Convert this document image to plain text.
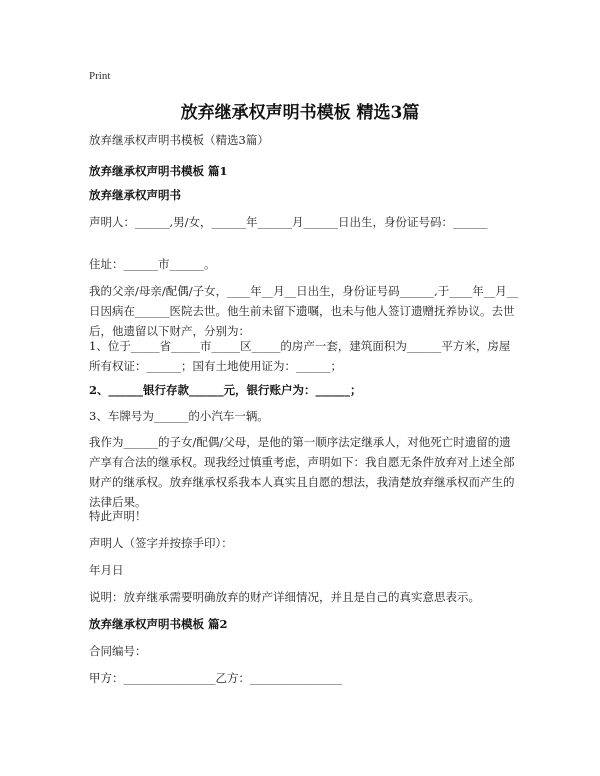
Print
放弃继承权声明书模板 精选3篇
放弃继承权声明书模板（精选3篇）
放弃继承权声明书模板 篇1
放弃继承权声明书
声明人：______,男/女，______年______月______日出生，身份证号码：______
住址：______市______。
我的父亲/母亲/配偶/子女，____年__月__日出生，身份证号码______,于____年__月__日因病在______医院去世。他生前未留下遗嘱，也未与他人签订遗赠抚养协议。去世后，他遗留以下财产，分别为：
1、位于_____省_____市_____区_____的房产一套，建筑面积为______平方米，房屋所有权证：______；国有土地使用证为：______；
2、______银行存款______元，银行账户为：______；
3、车牌号为______的小汽车一辆。
我作为______的子女/配偶/父母，是他的第一顺序法定继承人，对他死亡时遗留的遗产享有合法的继承权。现我经过慎重考虑，声明如下：我自愿无条件放弃对上述全部财产的继承权。放弃继承权系我本人真实且自愿的想法，我清楚放弃继承权而产生的法律后果。
特此声明！
声明人（签字并按捺手印）：
年月日
说明：放弃继承需要明确放弃的财产详细情况，并且是自己的真实意思表示。
放弃继承权声明书模板 篇2
合同编号：
甲方：________________乙方：________________
